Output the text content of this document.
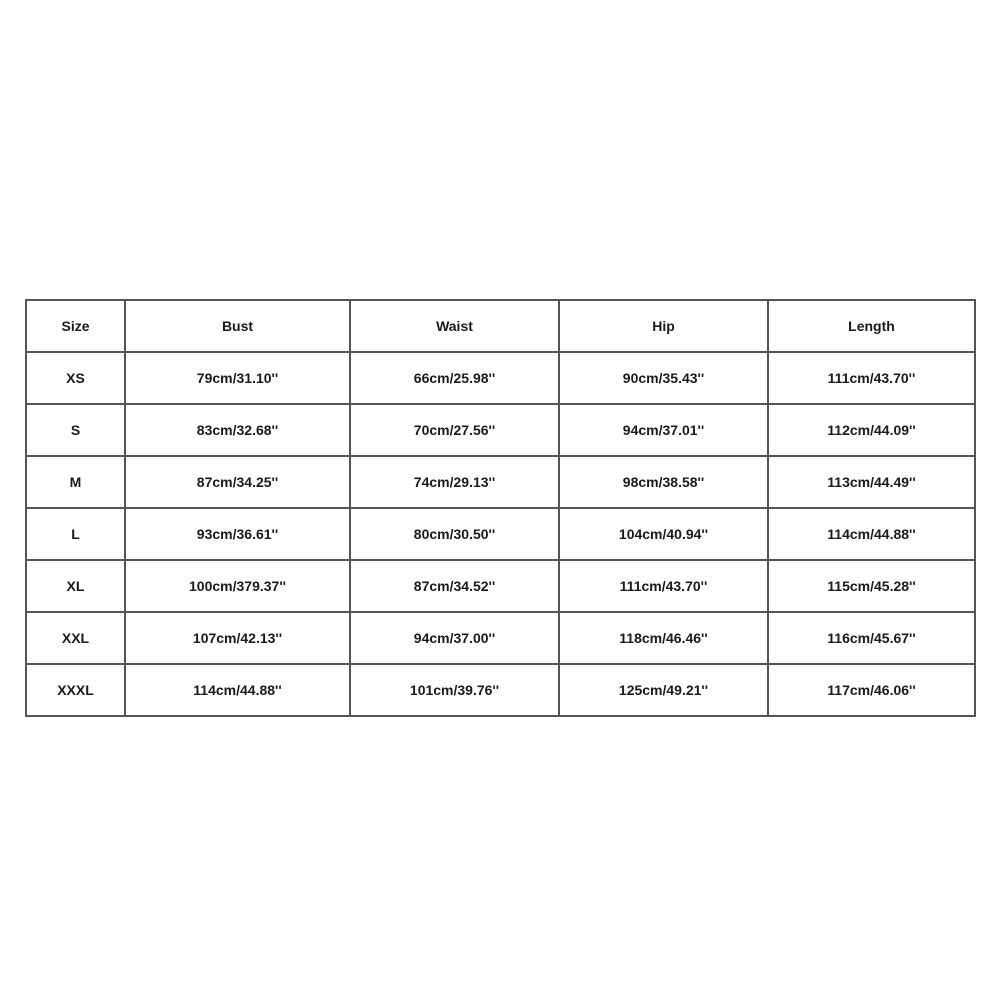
Size	Bust	Waist	Hip	Length
XS	79cm/31.10''	66cm/25.98''	90cm/35.43''	111cm/43.70''
S	83cm/32.68''	70cm/27.56''	94cm/37.01''	112cm/44.09''
M	87cm/34.25''	74cm/29.13''	98cm/38.58''	113cm/44.49''
L	93cm/36.61''	80cm/30.50''	104cm/40.94''	114cm/44.88''
XL	100cm/379.37''	87cm/34.52''	111cm/43.70''	115cm/45.28''
XXL	107cm/42.13''	94cm/37.00''	118cm/46.46''	116cm/45.67''
XXXL	114cm/44.88''	101cm/39.76''	125cm/49.21''	117cm/46.06''
